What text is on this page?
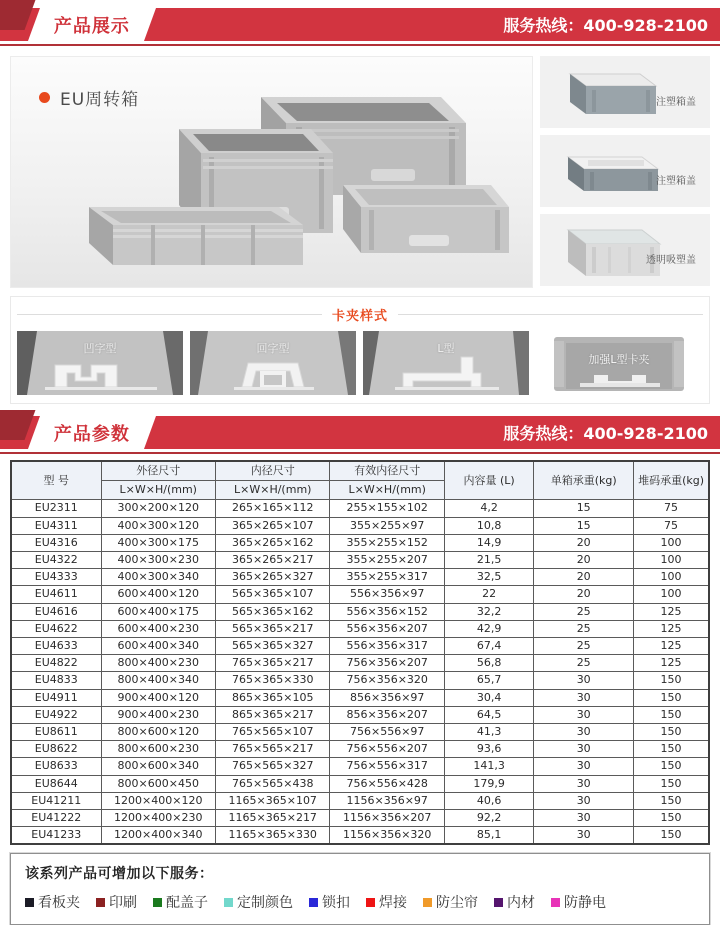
产品展示	服务热线：400-928-2100
EU周转箱	注塑箱盖
注塑箱盖
透明吸塑盖
卡夹样式
凹字型	回字型	L型
加强L型卡夹
产品参数	服务热线：400-928-2100
型 号	外径尺寸	内径尺寸	有效内径尺寸	内容量 (L)	单箱承重(kg)	堆码承重(kg)
	L×W×H/(mm)	L×W×H/(mm)	L×W×H/(mm)			
EU2311	300×200×120	265×165×112	255×155×102	4,2	15	75
EU4311	400×300×120	365×265×107	355×255×97	10,8	15	75
EU4316	400×300×175	365×265×162	355×255×152	14,9	20	100
EU4322	400×300×230	365×265×217	355×255×207	21,5	20	100
EU4333	400×300×340	365×265×327	355×255×317	32,5	20	100
EU4611	600×400×120	565×365×107	556×356×97	22	20	100
EU4616	600×400×175	565×365×162	556×356×152	32,2	25	125
EU4622	600×400×230	565×365×217	556×356×207	42,9	25	125
EU4633	600×400×340	565×365×327	556×356×317	67,4	25	125
EU4822	800×400×230	765×365×217	756×356×207	56,8	25	125
EU4833	800×400×340	765×365×330	756×356×320	65,7	30	150
EU4911	900×400×120	865×365×105	856×356×97	30,4	30	150
EU4922	900×400×230	865×365×217	856×356×207	64,5	30	150
EU8611	800×600×120	765×565×107	756×556×97	41,3	30	150
EU8622	800×600×230	765×565×217	756×556×207	93,6	30	150
EU8633	800×600×340	765×565×327	756×556×317	141,3	30	150
EU8644	800×600×450	765×565×438	756×556×428	179,9	30	150
EU41211	1200×400×120	1165×365×107	1156×356×97	40,6	30	150
EU41222	1200×400×230	1165×365×217	1156×356×207	92,2	30	150
EU41233	1200×400×340	1165×365×330	1156×356×320	85,1	30	150
该系列产品可增加以下服务：
看板夹 印刷 配盖子 定制颜色 锁扣 焊接 防尘帘 内材 防静电
